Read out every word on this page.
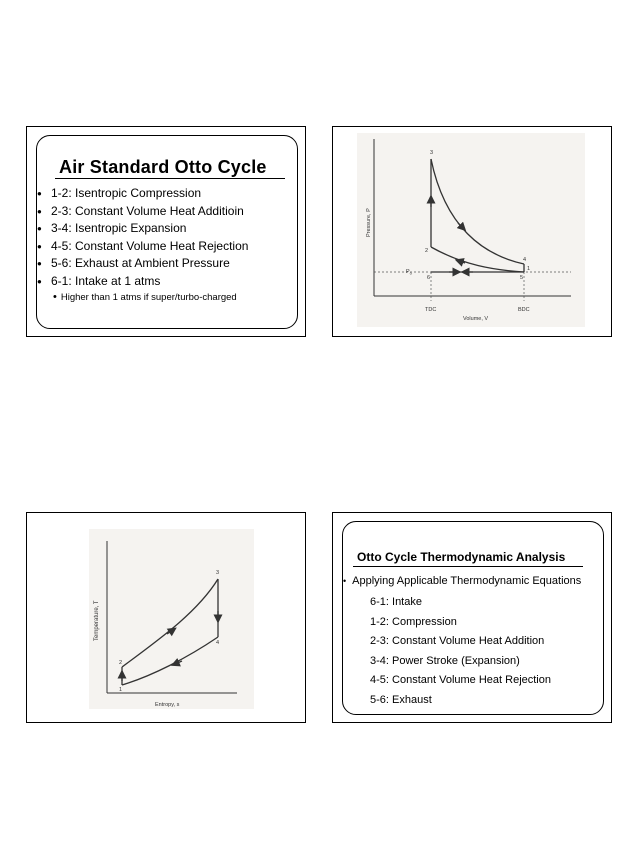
Air Standard Otto Cycle
● 1-2: Isentropic Compression
● 2-3: Constant Volume Heat Additioin
● 3-4: Isentropic Expansion
● 4-5: Constant Volume Heat Rejection
● 5-6: Exhaust at Ambient Pressure
● 6-1: Intake at 1 atms
• Higher than 1 atms if super/turbo-charged
3
2
4
1
6	5
$P_o$
TDC	BDC
Volume, V
Pressure, P
3
4
2
1
Entropy, s
Temperature, T
Otto Cycle Thermodynamic Analysis
• Applying Applicable Thermodynamic Equations
6-1: Intake
1-2: Compression
2-3: Constant Volume Heat Addition
3-4: Power Stroke (Expansion)
4-5: Constant Volume Heat Rejection
5-6: Exhaust
